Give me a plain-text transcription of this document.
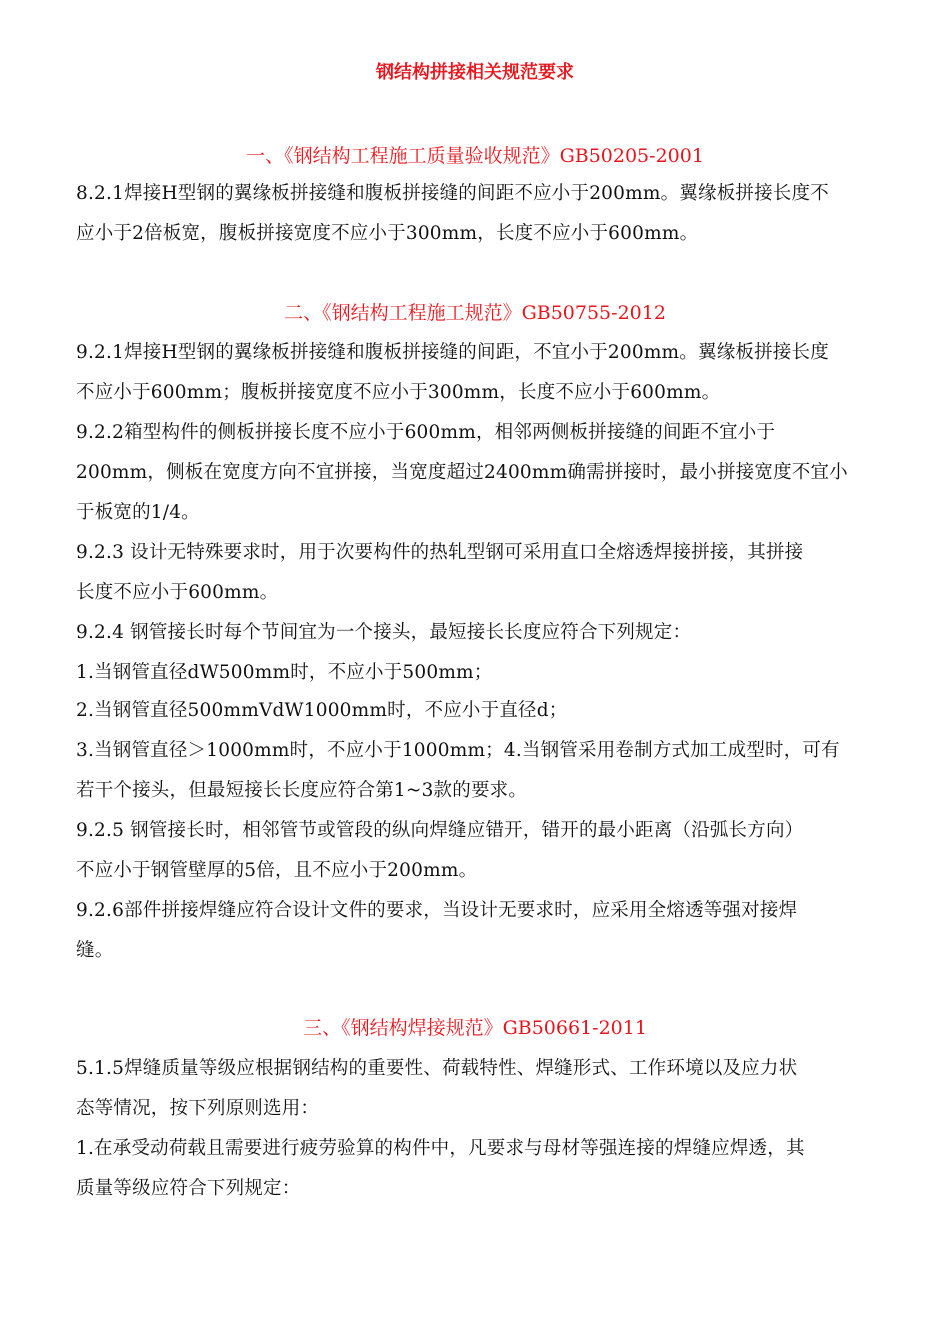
钢结构拼接相关规范要求
一、《钢结构工程施工质量验收规范》GB50205-2001
8.2.1焊接H型钢的翼缘板拼接缝和腹板拼接缝的间距不应小于200mm。翼缘板拼接长度不
应小于2倍板宽，腹板拼接宽度不应小于300mm，长度不应小于600mm。
二、《钢结构工程施工规范》GB50755-2012
9.2.1焊接H型钢的翼缘板拼接缝和腹板拼接缝的间距，不宜小于200mm。翼缘板拼接长度
不应小于600mm；腹板拼接宽度不应小于300mm，长度不应小于600mm。
9.2.2箱型构件的侧板拼接长度不应小于600mm，相邻两侧板拼接缝的间距不宜小于
200mm，侧板在宽度方向不宜拼接，当宽度超过2400mm确需拼接时，最小拼接宽度不宜小
于板宽的1/4。
9.2.3 设计无特殊要求时，用于次要构件的热轧型钢可采用直口全熔透焊接拼接，其拼接
长度不应小于600mm。
9.2.4 钢管接长时每个节间宜为一个接头，最短接长长度应符合下列规定：
1.当钢管直径dW500mm时，不应小于500mm；
2.当钢管直径500mmVdW1000mm时，不应小于直径d；
3.当钢管直径＞1000mm时，不应小于1000mm；4.当钢管采用卷制方式加工成型时，可有
若干个接头，但最短接长长度应符合第1~3款的要求。
9.2.5 钢管接长时，相邻管节或管段的纵向焊缝应错开，错开的最小距离（沿弧长方向）
不应小于钢管壁厚的5倍，且不应小于200mm。
9.2.6部件拼接焊缝应符合设计文件的要求，当设计无要求时，应采用全熔透等强对接焊
缝。
三、《钢结构焊接规范》GB50661-2011
5.1.5焊缝质量等级应根据钢结构的重要性、荷载特性、焊缝形式、工作环境以及应力状
态等情况，按下列原则选用：
1.在承受动荷载且需要进行疲劳验算的构件中，凡要求与母材等强连接的焊缝应焊透，其
质量等级应符合下列规定：
